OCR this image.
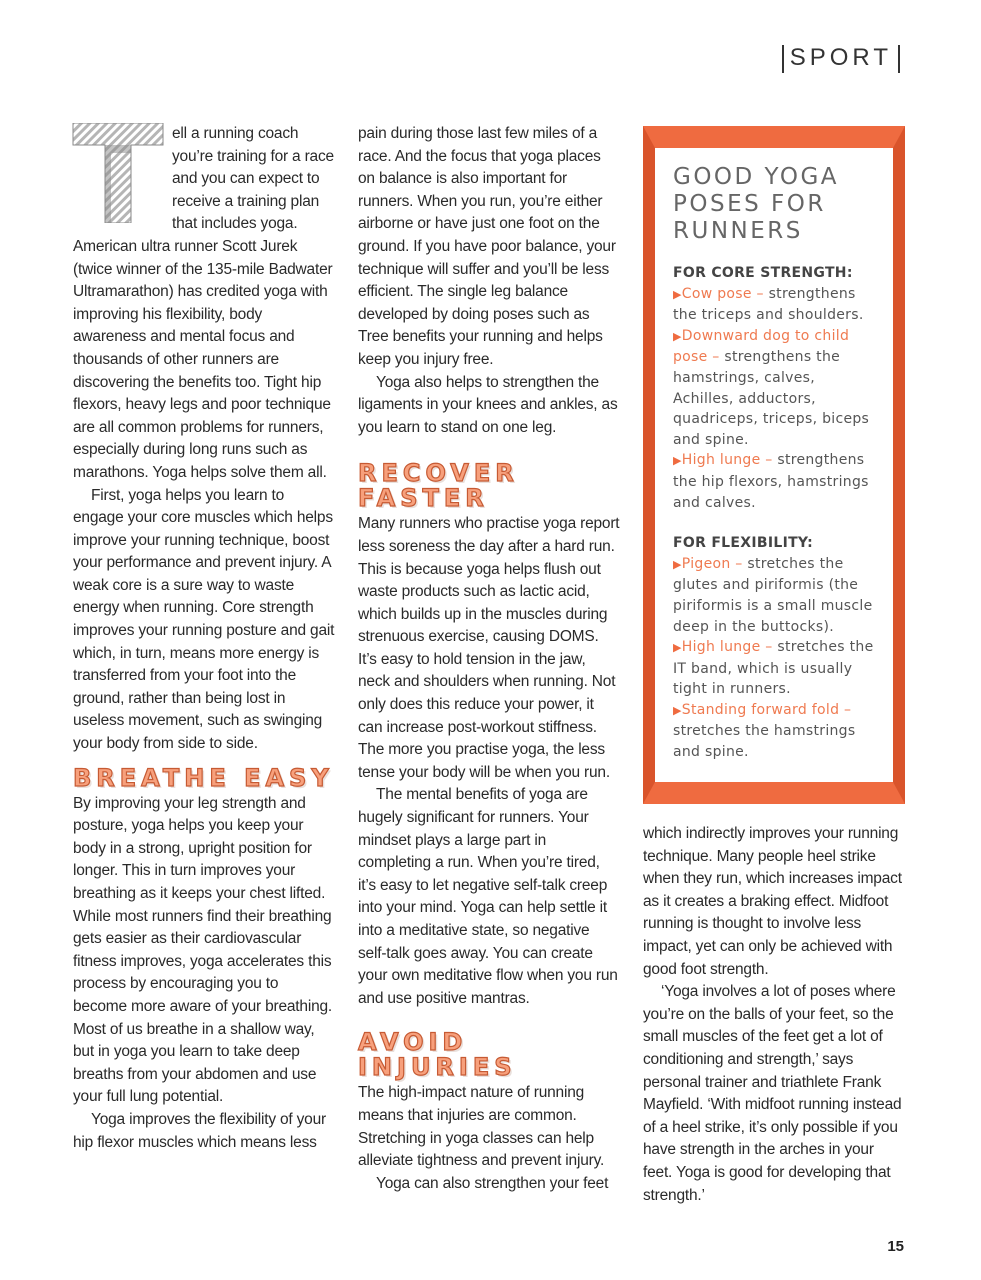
SPORT

ell a running coach you’re training for a race and you can expect to receive a training plan that includes yoga. American ultra runner Scott Jurek (twice winner of the 135-mile Badwater Ultramarathon) has credited yoga with improving his flexibility, body awareness and mental focus and thousands of other runners are discovering the benefits too. Tight hip flexors, heavy legs and poor technique are all common problems for runners, especially during long runs such as marathons. Yoga helps solve them all.

First, yoga helps you learn to engage your core muscles which helps improve your running technique, boost your performance and prevent injury. A weak core is a sure way to waste energy when running. Core strength improves your running posture and gait which, in turn, means more energy is transferred from your foot into the ground, rather than being lost in useless movement, such as swinging your body from side to side.

BREATHE EASY

By improving your leg strength and posture, yoga helps you keep your body in a strong, upright position for longer. This in turn improves your breathing as it keeps your chest lifted. While most runners find their breathing gets easier as their cardiovascular fitness improves, yoga accelerates this process by encouraging you to become more aware of your breathing. Most of us breathe in a shallow way, but in yoga you learn to take deep breaths from your abdomen and use your full lung potential.

Yoga improves the flexibility of your hip flexor muscles which means less

pain during those last few miles of a race. And the focus that yoga places on balance is also important for runners. When you run, you’re either airborne or have just one foot on the ground. If you have poor balance, your technique will suffer and you’ll be less efficient. The single leg balance developed by doing poses such as Tree benefits your running and helps keep you injury free.

Yoga also helps to strengthen the ligaments in your knees and ankles, as you learn to stand on one leg.

RECOVER FASTER

Many runners who practise yoga report less soreness the day after a hard run. This is because yoga helps flush out waste products such as lactic acid, which builds up in the muscles during strenuous exercise, causing DOMS. It’s easy to hold tension in the jaw, neck and shoulders when running. Not only does this reduce your power, it can increase post-workout stiffness. The more you practise yoga, the less tense your body will be when you run.

The mental benefits of yoga are hugely significant for runners. Your mindset plays a large part in completing a run. When you’re tired, it’s easy to let negative self-talk creep into your mind. Yoga can help settle it into a meditative state, so negative self-talk goes away. You can create your own meditative flow when you run and use positive mantras.

AVOID INJURIES

The high-impact nature of running means that injuries are common. Stretching in yoga classes can help alleviate tightness and prevent injury.

Yoga can also strengthen your feet

GOOD YOGA POSES FOR RUNNERS

FOR CORE STRENGTH:

▶Cow pose – strengthens the triceps and shoulders.

▶Downward dog to child pose – strengthens the hamstrings, calves, Achilles, adductors, quadriceps, triceps, biceps and spine.

▶High lunge – strengthens the hip flexors, hamstrings and calves.

FOR FLEXIBILITY:

▶Pigeon – stretches the glutes and piriformis (the piriformis is a small muscle deep in the buttocks).

▶High lunge – stretches the IT band, which is usually tight in runners.

▶Standing forward fold – stretches the hamstrings and spine.

which indirectly improves your running technique. Many people heel strike when they run, which increases impact as it creates a braking effect. Midfoot running is thought to involve less impact, yet can only be achieved with good foot strength.

‘Yoga involves a lot of poses where you’re on the balls of your feet, so the small muscles of the feet get a lot of conditioning and strength,’ says personal trainer and triathlete Frank Mayfield. ‘With midfoot running instead of a heel strike, it’s only possible if you have strength in the arches in your feet. Yoga is good for developing that strength.’

15
